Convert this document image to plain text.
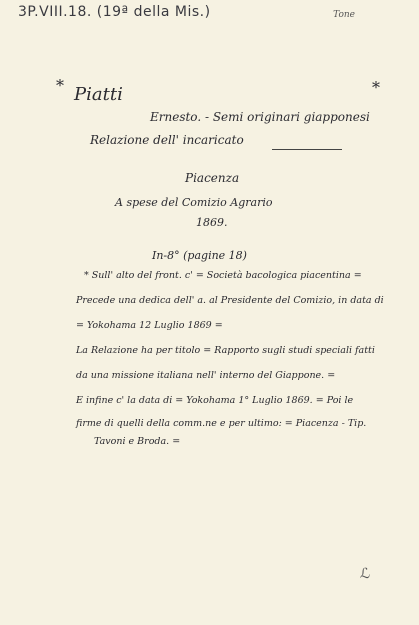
3P.VIII.18. (19ª della Mis.)	Tone
*	*
Piatti
Ernesto. - Semi originari giapponesi
Relazione dell' incaricato
Piacenza
A spese del Comizio Agrario
1869.
In-8° (pagine 18)
* Sull' alto del front. c' = Società bacologica piacentina =
Precede una dedica dell' a. al Presidente del Comizio, in data di
= Yokohama 12 Luglio 1869 =
La Relazione ha per titolo = Rapporto sugli studi speciali fatti
da una missione italiana nell' interno del Giappone. =
E infine c' la data di = Yokohama 1° Luglio 1869. = Poi le
firme di quelli della comm.ne e per ultimo: = Piacenza - Tip.
Tavoni e Broda. =
ℒ
